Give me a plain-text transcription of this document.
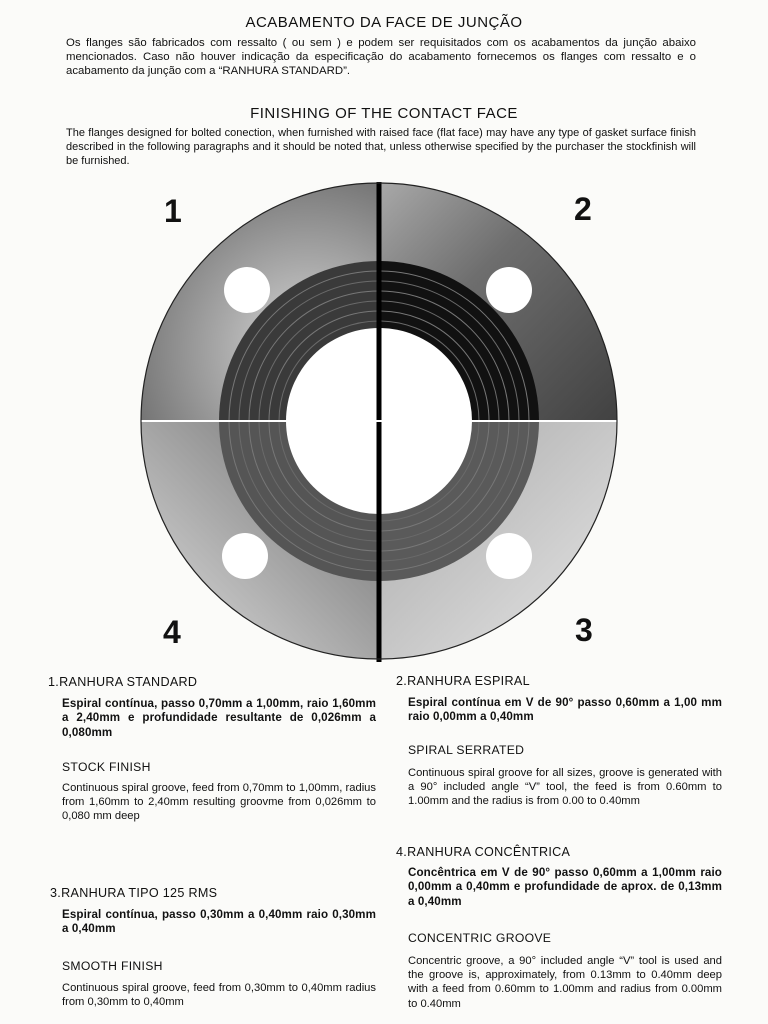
ACABAMENTO DA FACE DE JUNÇÃO
Os flanges são fabricados com ressalto ( ou sem ) e podem ser requisitados com os acabamentos da junção abaixo mencionados. Caso não houver indicação da especificação do acabamento fornecemos os flanges com ressalto e o acabamento da junção com a “RANHURA STANDARD”.
FINISHING OF THE CONTACT FACE
The flanges designed for bolted conection, when furnished with raised face (flat face) may have any type of gasket surface finish described in the following paragraphs and it should be noted that, unless otherwise specified by the purchaser the stockfinish will be furnished.
1	2
3
4
1.RANHURA STANDARD
Espiral contínua, passo 0,70mm a 1,00mm, raio 1,60mm a 2,40mm e profundidade resultante de 0,026mm a 0,080mm
STOCK FINISH
Continuous spiral groove, feed from 0,70mm to 1,00mm, radius from 1,60mm to 2,40mm resulting groovme from 0,026mm to 0,080 mm deep
2.RANHURA ESPIRAL
Espiral contínua em V de 90° passo 0,60mm a 1,00 mm raio 0,00mm a 0,40mm
SPIRAL SERRATED
Continuous spiral groove for all sizes, groove is generated with a 90° included angle “V” tool, the feed is from 0.60mm to 1.00mm and the radius is from 0.00 to 0.40mm
3.RANHURA TIPO 125 RMS
Espiral contínua, passo 0,30mm a 0,40mm raio 0,30mm a 0,40mm
SMOOTH FINISH
Continuous spiral groove, feed from 0,30mm to 0,40mm radius from 0,30mm to 0,40mm
4.RANHURA CONCÊNTRICA
Concêntrica em V de 90° passo 0,60mm a 1,00mm raio 0,00mm a 0,40mm e profundidade de aprox. de 0,13mm a 0,40mm
CONCENTRIC GROOVE
Concentric groove, a 90° included angle “V” tool is used and the groove is, approximately, from 0.13mm to 0.40mm deep with a feed from 0.60mm to 1.00mm and radius from 0.00mm to 0.40mm
